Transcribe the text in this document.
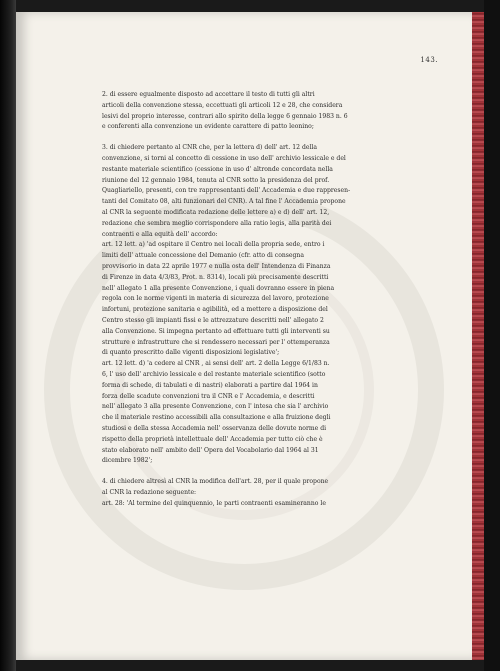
143.
2. di essere egualmente disposto ad accettare il testo di tutti gli altri
articoli della convenzione stessa, eccettuati gli articoli 12 e 28, che considera
lesivi del proprio interesse, contrari allo spirito della legge 6 gennaio 1983 n. 6
e conferenti alla convenzione un evidente carattere di patto leonino;
3. di chiedere pertanto al CNR che, per la lettera d) dell' art. 12 della
convenzione, si torni al concetto di cessione in uso dell' archivio lessicale e del
restante materiale scientifico (cessione in uso d' altronde concordata nella
riunione del 12 gennaio 1984, tenuta al CNR sotto la presidenza del prof.
Quagliariello, presenti, con tre rappresentanti dell' Accademia e due rappresen-
tanti del Comitato 08, alti funzionari del CNR). A tal fine l' Accademia propone
al CNR la seguente modificata redazione delle lettere a) e d) dell' art. 12,
redazione che sembra meglio corrispondere alla ratio legis, alla parità dei
contraenti e alla equità dell' accordo:
art. 12 lett. a) 'ad ospitare il Centro nei locali della propria sede, entro i
limiti dell' attuale concessione del Demanio (cfr. atto di consegna
provvisorio in data 22 aprile 1977 e nulla osta dell' Intendenza di Finanza
di Firenze in data 4/3/83, Prot. n. 8314), locali più precisamente descritti
nell' allegato 1 alla presente Convenzione, i quali dovranno essere in piena
regola con le norme vigenti in materia di sicurezza del lavoro, protezione
infortuni, protezione sanitaria e agibilità, ed a mettere a disposizione del
Centro stesso gli impianti fissi e le attrezzature descritti nell' allegato 2
alla Convenzione. Si impegna pertanto ad effettuare tutti gli interventi su
strutture e infrastrutture che si rendessero necessari per l' ottemperanza
di quanto prescritto dalle vigenti disposizioni legislative';
art. 12 lett. d) 'a cedere al CNR , ai sensi dell' art. 2 della Legge 6/1/83 n.
6, l' uso dell' archivio lessicale e del restante materiale scientifico (sotto
forma di schede, di tabulati e di nastri) elaborati a partire dal 1964 in
forza delle scadute convenzioni tra il CNR e l' Accademia, e descritti
nell' allegato 3 alla presente Convenzione, con l' intesa che sia l' archivio
che il materiale restino accessibili alla consultazione e alla fruizione degli
studiosi e della stessa Accademia nell' osservanza delle dovute norme di
rispetto della proprietà intellettuale dell' Accademia per tutto ciò che è
stato elaborato nell' ambito dell' Opera del Vocabolario dal 1964 al 31
dicembre 1982';
4. di chiedere altresì al CNR la modifica dell'art. 28, per il quale propone
al CNR la redazione seguente:
art. 28: 'Al termine del quinquennio, le parti contraenti esamineranno le
